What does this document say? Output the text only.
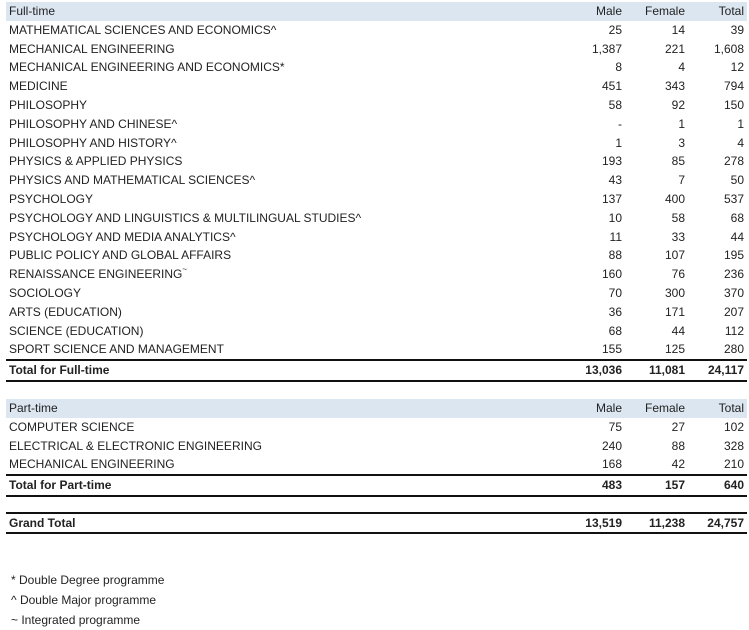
Full-time	Male	Female	Total
MATHEMATICAL SCIENCES AND ECONOMICS^	25	14	39
MECHANICAL ENGINEERING	1,387	221	1,608
MECHANICAL ENGINEERING AND ECONOMICS*	8	4	12
MEDICINE	451	343	794
PHILOSOPHY	58	92	150
PHILOSOPHY AND CHINESE^	-	1	1
PHILOSOPHY AND HISTORY^	1	3	4
PHYSICS & APPLIED PHYSICS	193	85	278
PHYSICS AND MATHEMATICAL SCIENCES^	43	7	50
PSYCHOLOGY	137	400	537
PSYCHOLOGY AND LINGUISTICS & MULTILINGUAL STUDIES^	10	58	68
PSYCHOLOGY AND MEDIA ANALYTICS^	11	33	44
PUBLIC POLICY AND GLOBAL AFFAIRS	88	107	195
RENAISSANCE ENGINEERING~	160	76	236
SOCIOLOGY	70	300	370
ARTS (EDUCATION)	36	171	207
SCIENCE (EDUCATION)	68	44	112
SPORT SCIENCE AND MANAGEMENT	155	125	280
Total for Full-time	13,036	11,081	24,117
Part-time	Male	Female	Total
COMPUTER SCIENCE	75	27	102
ELECTRICAL & ELECTRONIC ENGINEERING	240	88	328
MECHANICAL ENGINEERING	168	42	210
Total for Part-time	483	157	640
Grand Total	13,519	11,238	24,757
* Double Degree programme
^ Double Major programme
~ Integrated programme
